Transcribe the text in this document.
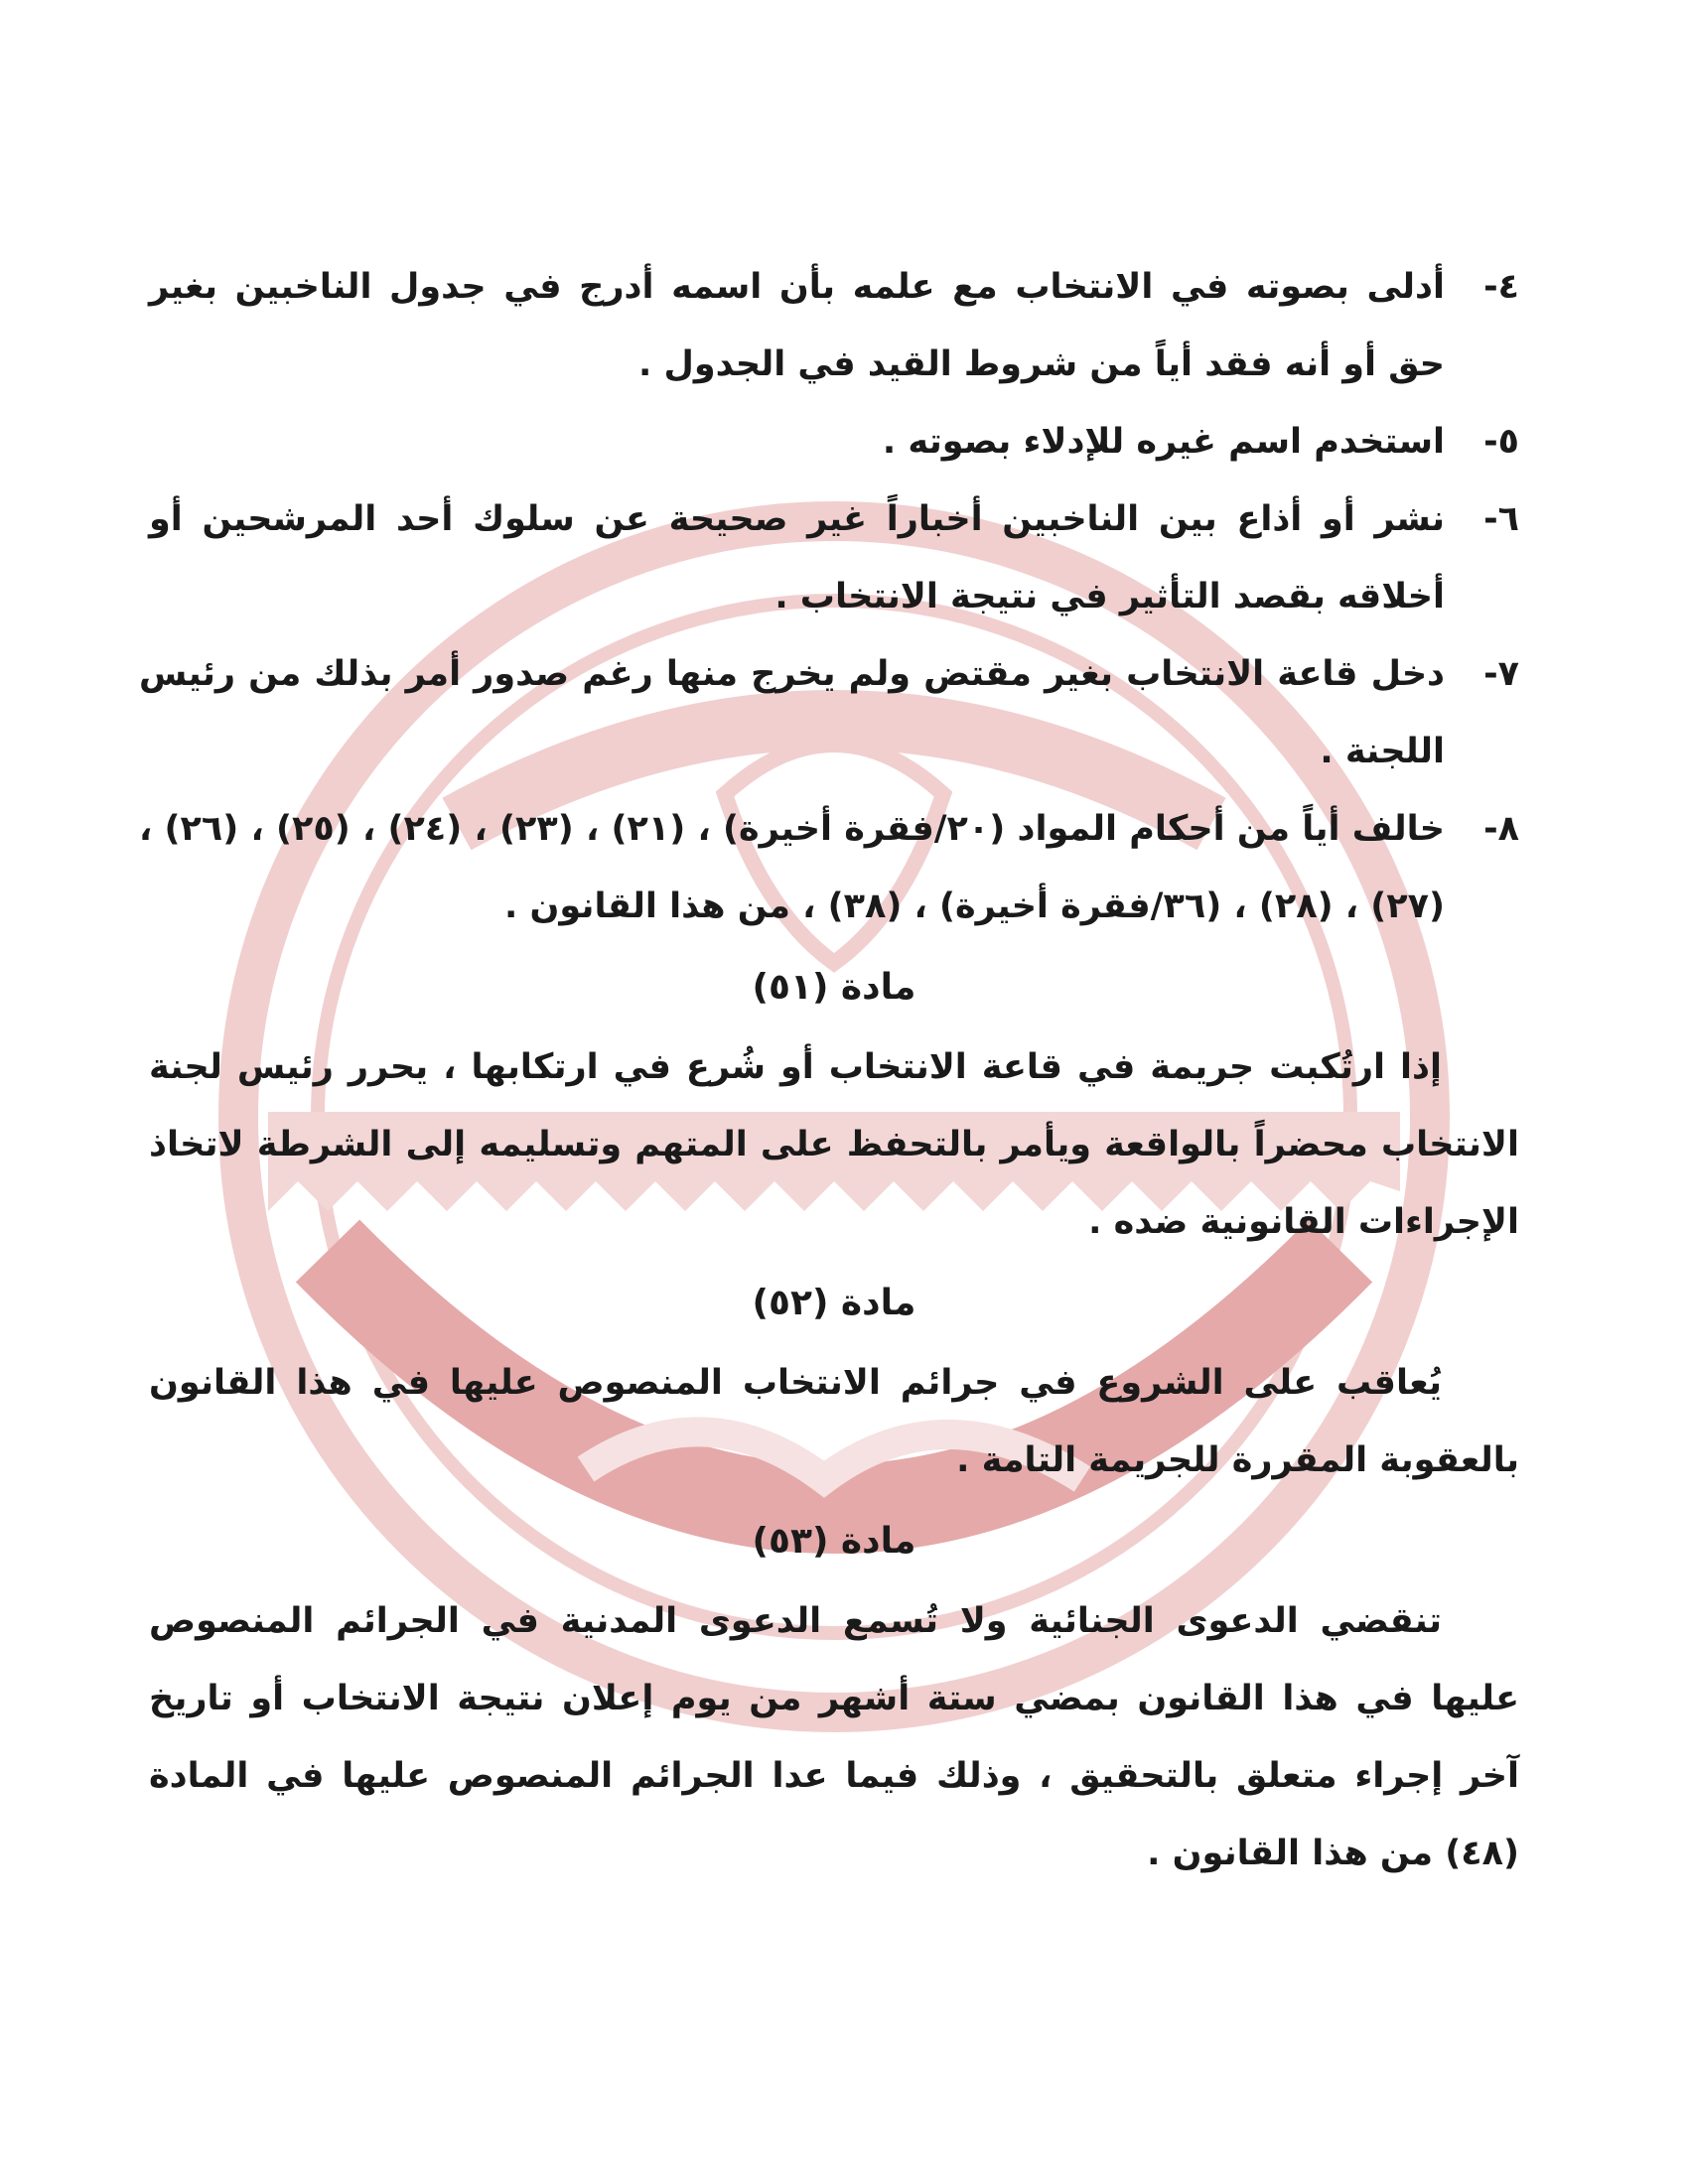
٤-
أدلى بصوته في الانتخاب مع علمه بأن اسمه أدرج في جدول الناخبين بغير حق أو أنه فقد أياً من شروط القيد في الجدول .
٥-
استخدم اسم غيره للإدلاء بصوته .
٦-
نشر أو أذاع بين الناخبين أخباراً غير صحيحة عن سلوك أحد المرشحين أو أخلاقه بقصد التأثير في نتيجة الانتخاب .
٧-
دخل قاعة الانتخاب بغير مقتض ولم يخرج منها رغم صدور أمر بذلك من رئيس اللجنة .
٨-
خالف أياً من أحكام المواد (٢٠/فقرة أخيرة) ، (٢١) ، (٢٣) ، (٢٤) ، (٢٥) ، (٢٦) ، (٢٧) ، (٢٨) ، (٣٦/فقرة أخيرة) ، (٣٨) ، من هذا القانون .
مادة (٥١)

إذا ارتُكبت جريمة في قاعة الانتخاب أو شُرع في ارتكابها ، يحرر رئيس لجنة الانتخاب محضراً بالواقعة ويأمر بالتحفظ على المتهم وتسليمه إلى الشرطة لاتخاذ الإجراءات القانونية ضده .

مادة (٥٢)

يُعاقب على الشروع في جرائم الانتخاب المنصوص عليها في هذا القانون بالعقوبة المقررة للجريمة التامة .

مادة (٥٣)

تنقضي الدعوى الجنائية ولا تُسمع الدعوى المدنية في الجرائم المنصوص عليها في هذا القانون بمضي ستة أشهر من يوم إعلان نتيجة الانتخاب أو تاريخ آخر إجراء متعلق بالتحقيق ، وذلك فيما عدا الجرائم المنصوص عليها في المادة (٤٨) من هذا القانون .
